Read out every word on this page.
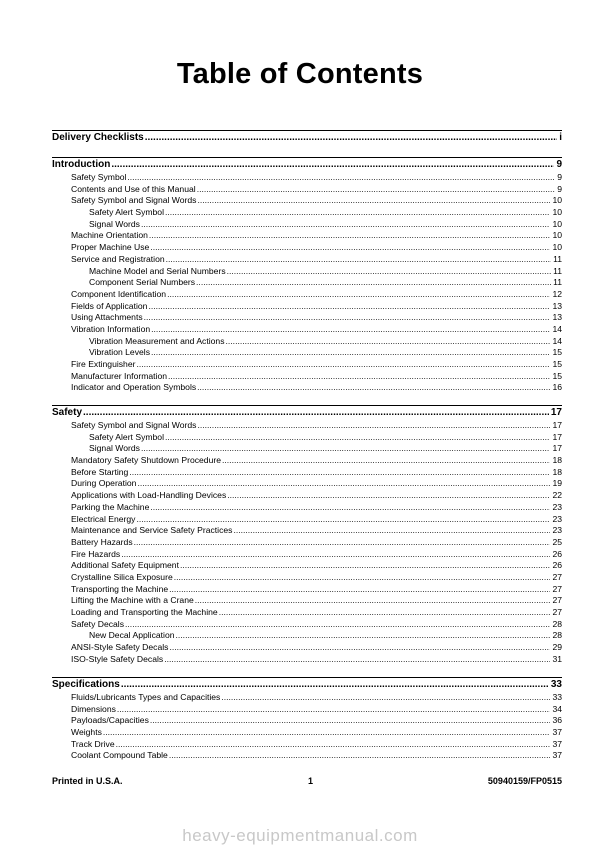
Table of Contents
Delivery Checklists .....	i
Introduction .....	9
Safety Symbol .....	9
Contents and Use of this Manual .....	9
Safety Symbol and Signal Words .....	10
Safety Alert Symbol .....	10
Signal Words .....	10
Machine Orientation .....	10
Proper Machine Use .....	10
Service and Registration .....	11
Machine Model and Serial Numbers .....	11
Component Serial Numbers .....	11
Component Identification .....	12
Fields of Application .....	13
Using Attachments .....	13
Vibration Information .....	14
Vibration Measurement and Actions .....	14
Vibration Levels .....	15
Fire Extinguisher .....	15
Manufacturer Information .....	15
Indicator and Operation Symbols .....	16
Safety .....	17
Safety Symbol and Signal Words .....	17
Safety Alert Symbol .....	17
Signal Words .....	17
Mandatory Safety Shutdown Procedure .....	18
Before Starting .....	18
During Operation .....	19
Applications with Load-Handling Devices .....	22
Parking the Machine .....	23
Electrical Energy .....	23
Maintenance and Service Safety Practices .....	23
Battery Hazards .....	25
Fire Hazards .....	26
Additional Safety Equipment .....	26
Crystalline Silica Exposure .....	27
Transporting the Machine .....	27
Lifting the Machine with a Crane .....	27
Loading and Transporting the Machine .....	27
Safety Decals .....	28
New Decal Application .....	28
ANSI-Style Safety Decals .....	29
ISO-Style Safety Decals .....	31
Specifications .....	33
Fluids/Lubricants Types and Capacities .....	33
Dimensions .....	34
Payloads/Capacities .....	36
Weights .....	37
Track Drive .....	37
Coolant Compound Table .....	37
Printed in U.S.A.	1	50940159/FP0515
heavy-equipmentmanual.com
